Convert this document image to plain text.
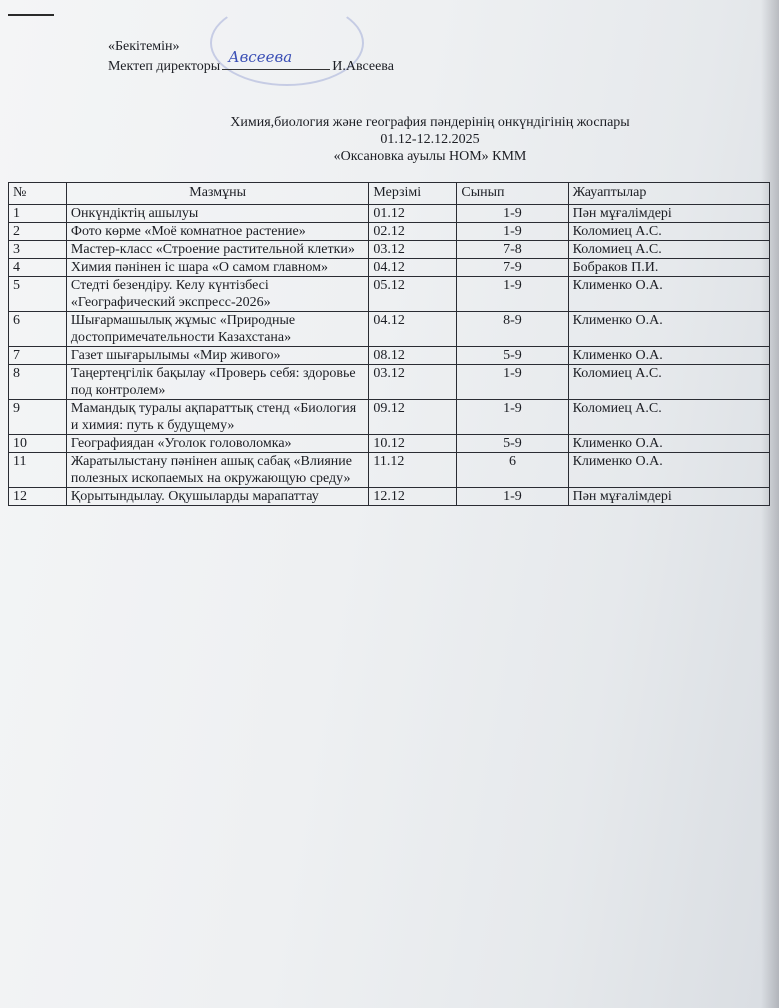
«Бекітемін»
Мектеп директоры
Авсеева
И.Авсеева
Химия,биология және география пәндерінің онкүндігінің жоспары
01.12-12.12.2025
«Оксановка ауылы НОМ» КММ
№	Мазмұны	Мерзімі	Сынып	Жауаптылар
1	Онкүндіктің ашылуы	01.12	1-9	Пән мұғалімдері
2	Фото көрме «Моё комнатное растение»	02.12	1-9	Коломиец А.С.
3	Мастер-класс «Строение растительной клетки»	03.12	7-8	Коломиец А.С.
4	Химия пәнінен іс шара «О самом главном»	04.12	7-9	Бобраков П.И.
5	Стедті безендіру. Келу күнтізбесі «Географический экспресс-2026»	05.12	1-9	Клименко О.А.
6	Шығармашылық жұмыс «Природные достопримечательности Казахстана»	04.12	8-9	Клименко О.А.
7	Газет шығарылымы «Мир живого»	08.12	5-9	Клименко О.А.
8	Таңертеңгілік бақылау «Проверь себя: здоровье под контролем»	03.12	1-9	Коломиец А.С.
9	Мамандық туралы ақпараттық стенд «Биология и химия: путь к будущему»	09.12	1-9	Коломиец А.С.
10	Географиядан «Уголок головоломка»	10.12	5-9	Клименко О.А.
11	Жаратылыстану пәнінен ашық сабақ «Влияние полезных ископаемых на окружающую среду»	11.12	6	Клименко О.А.
12	Қорытындылау. Оқушыларды марапаттау	12.12	1-9	Пән мұғалімдері
